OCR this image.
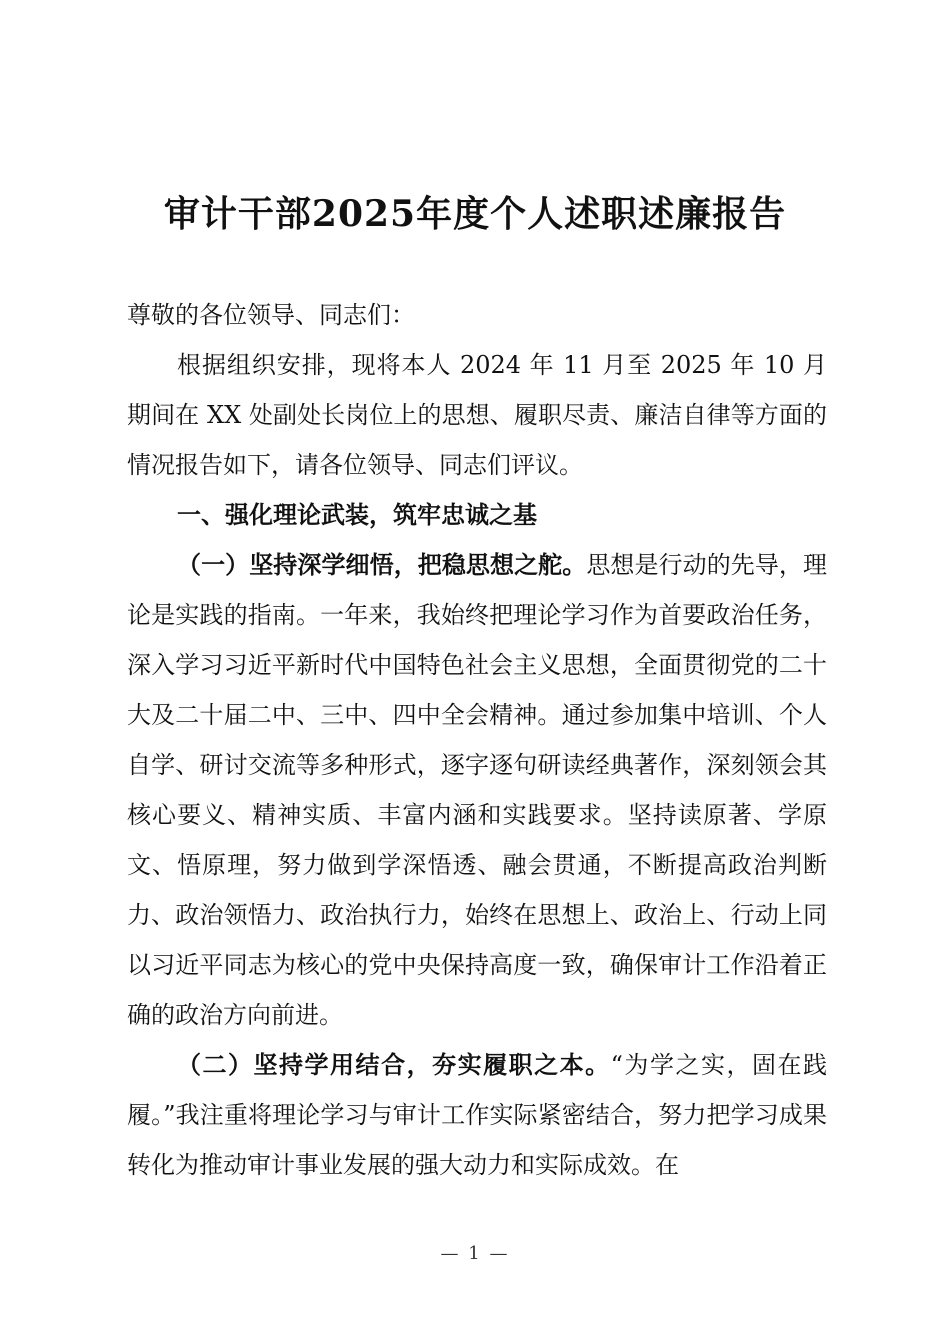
审计干部2025年度个人述职述廉报告

尊敬的各位领导、同志们：

根据组织安排，现将本人 2024 年 11 月至 2025 年 10 月期间在 XX 处副处长岗位上的思想、履职尽责、廉洁自律等方面的情况报告如下，请各位领导、同志们评议。

一、强化理论武装，筑牢忠诚之基

（一）坚持深学细悟，把稳思想之舵。思想是行动的先导，理论是实践的指南。一年来，我始终把理论学习作为首要政治任务，深入学习习近平新时代中国特色社会主义思想，全面贯彻党的二十大及二十届二中、三中、四中全会精神。通过参加集中培训、个人自学、研讨交流等多种形式，逐字逐句研读经典著作，深刻领会其核心要义、精神实质、丰富内涵和实践要求。坚持读原著、学原文、悟原理，努力做到学深悟透、融会贯通，不断提高政治判断力、政治领悟力、政治执行力，始终在思想上、政治上、行动上同以习近平同志为核心的党中央保持高度一致，确保审计工作沿着正确的政治方向前进。

（二）坚持学用结合，夯实履职之本。“为学之实，固在践履。”我注重将理论学习与审计工作实际紧密结合，努力把学习成果转化为推动审计事业发展的强大动力和实际成效。在

— 1 —
